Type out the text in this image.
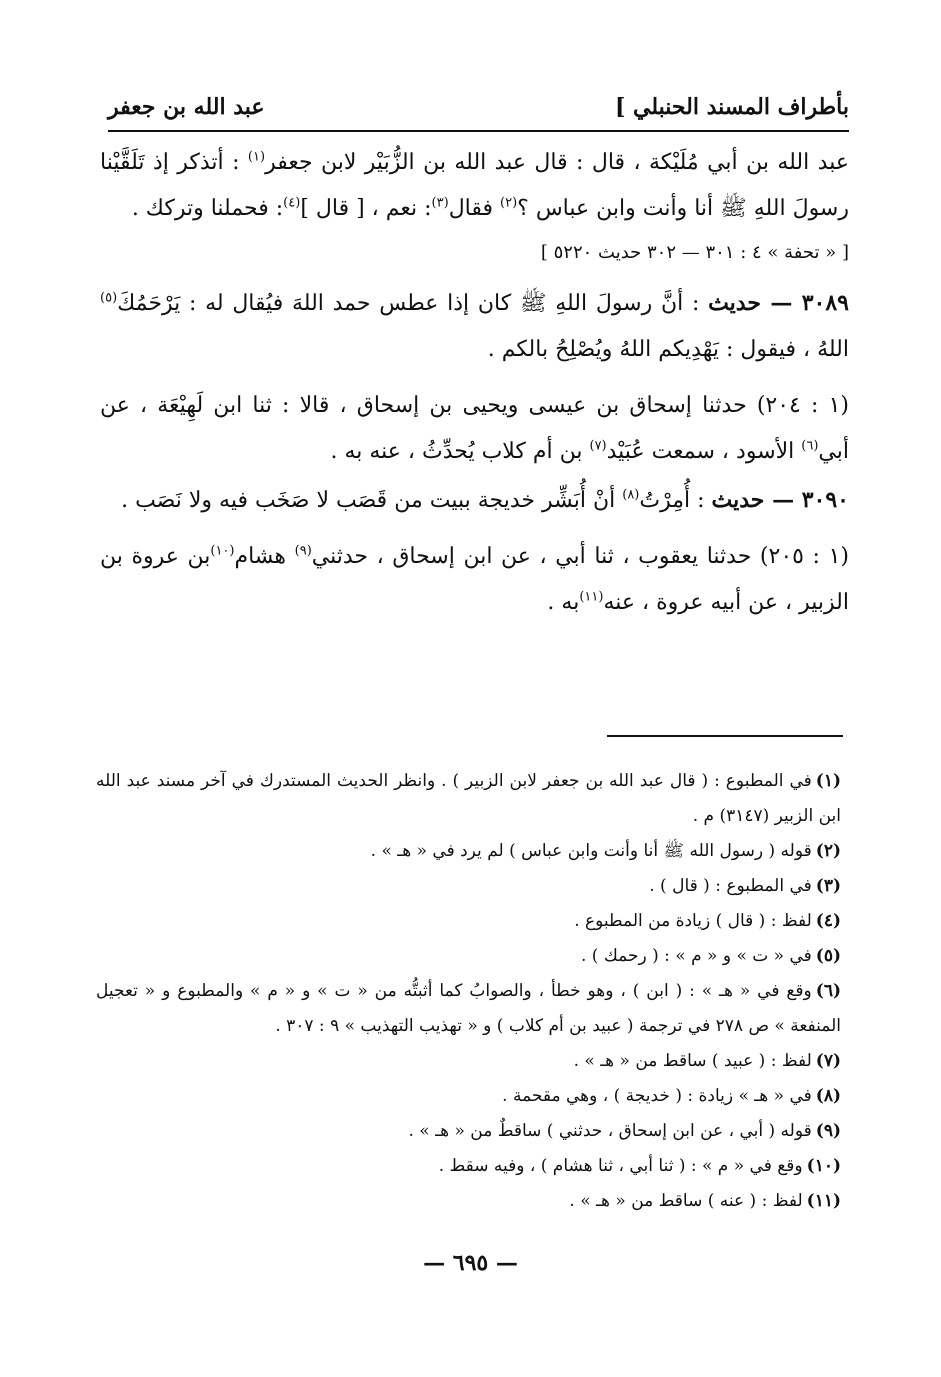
بأطراف المسند الحنبلي ]
عبد الله بن جعفر

عبد الله بن أبي مُلَيْكة ، قال : قال عبد الله بن الزُّبَيْر لابن جعفر$^{(١)}$ : أتذكر إذ تَلَقَّيْنا رسولَ اللهِ ﷺ أنا وأنت وابن عباس ؟$^{(٢)}$ فقال$^{(٣)}$: نعم ، [ قال ]$^{(٤)}$: فحملنا وتركك .

[ « تحفة » ٤ : ٣٠١ — ٣٠٢ حديث ٥٢٢٠ ]

٣٠٨٩ — حديث : أنَّ رسولَ اللهِ ﷺ كان إذا عطس حمد اللهَ فيُقال له : يَرْحَمُكَ$^{(٥)}$ اللهُ ، فيقول : يَهْدِيكم اللهُ ويُصْلِحُ بالكم .

(١ : ٢٠٤) حدثنا إسحاق بن عيسى ويحيى بن إسحاق ، قالا : ثنا ابن لَهِيْعَة ، عن أبي$^{(٦)}$ الأسود ، سمعت عُبَيْد$^{(٧)}$ بن أم كلاب يُحدِّثُ ، عنه به .

٣٠٩٠ — حديث : أُمِرْتُ$^{(٨)}$ أنْ أُبَشِّر خديجة ببيت من قَصَب لا صَخَب فيه ولا نَصَب .

(١ : ٢٠٥) حدثنا يعقوب ، ثنا أبي ، عن ابن إسحاق ، حدثني$^{(٩)}$ هشام$^{(١٠)}$بن عروة بن الزبير ، عن أبيه عروة ، عنه$^{(١١)}$به .

(١)في المطبوع : ( قال عبد الله بن جعفر لابن الزبير ) . وانظر الحديث المستدرك في آخر مسند عبد الله ابن الزبير (٣١٤٧) م .

(٢)قوله ( رسول الله ﷺ أنا وأنت وابن عباس ) لم يرد في « هـ » .

(٣)في المطبوع : ( قال ) .

(٤)لفظ : ( قال ) زيادة من المطبوع .

(٥)في « ت » و « م » : ( رحمك ) .

(٦)وقع في « هـ » : ( ابن ) ، وهو خطأ ، والصوابُ كما أثبتُّه من « ت » و « م » والمطبوع و « تعجيل المنفعة » ص ٢٧٨ في ترجمة ( عبيد بن أم كلاب ) و « تهذيب التهذيب » ٩ : ٣٠٧ .

(٧)لفظ : ( عبيد ) ساقط من « هـ » .

(٨)في « هـ » زيادة : ( خديجة ) ، وهي مقحمة .

(٩)قوله ( أبي ، عن ابن إسحاق ، حدثني ) ساقطٌ من « هـ » .

(١٠)وقع في « م » : ( ثنا أبي ، ثنا هشام ) ، وفيه سقط .

(١١)لفظ : ( عنه ) ساقط من « هـ » .

— ٦٩٥ —
